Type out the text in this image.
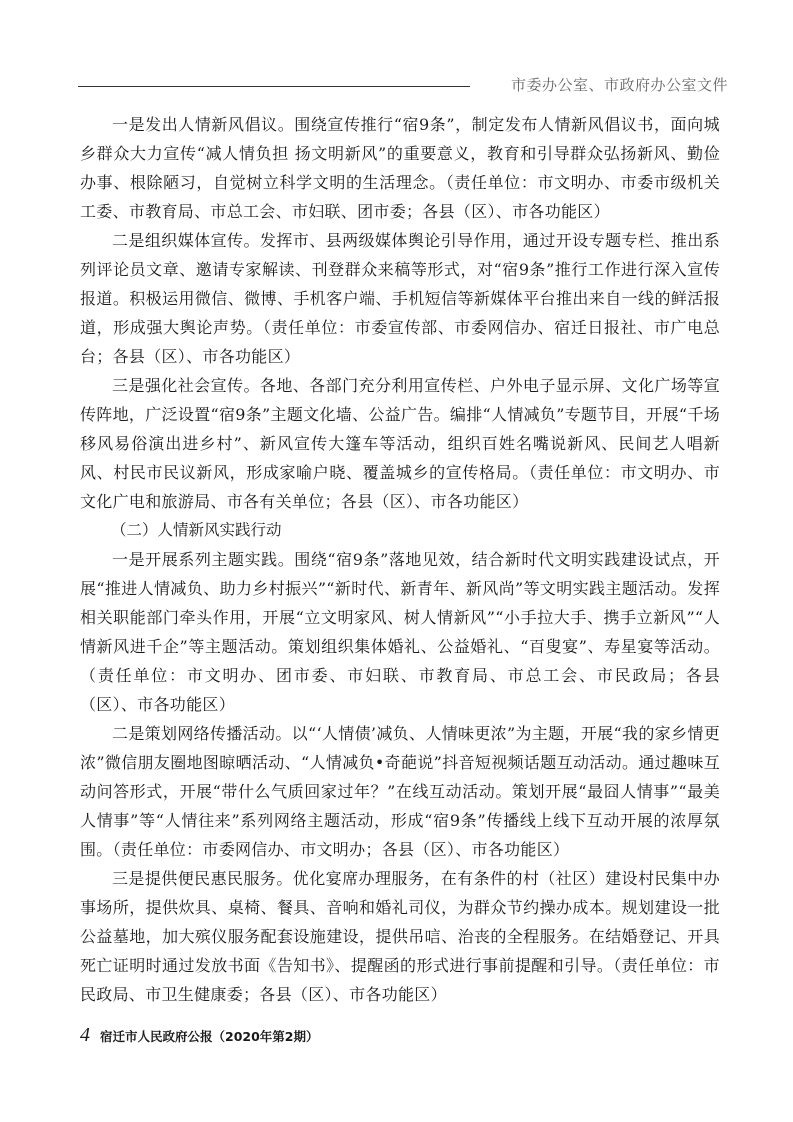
市委办公室、市政府办公室文件

一是发出人情新风倡议。围绕宣传推行“宿9条”，制定发布人情新风倡议书，面向城乡群众大力宣传“减人情负担 扬文明新风”的重要意义，教育和引导群众弘扬新风、勤俭办事、根除陋习，自觉树立科学文明的生活理念。（责任单位：市文明办、市委市级机关工委、市教育局、市总工会、市妇联、团市委；各县（区）、市各功能区）

二是组织媒体宣传。发挥市、县两级媒体舆论引导作用，通过开设专题专栏、推出系列评论员文章、邀请专家解读、刊登群众来稿等形式，对“宿9条”推行工作进行深入宣传报道。积极运用微信、微博、手机客户端、手机短信等新媒体平台推出来自一线的鲜活报道，形成强大舆论声势。（责任单位：市委宣传部、市委网信办、宿迁日报社、市广电总台；各县（区）、市各功能区）

三是强化社会宣传。各地、各部门充分利用宣传栏、户外电子显示屏、文化广场等宣传阵地，广泛设置“宿9条”主题文化墙、公益广告。编排“人情减负”专题节目，开展“千场移风易俗演出进乡村”、新风宣传大篷车等活动，组织百姓名嘴说新风、民间艺人唱新风、村民市民议新风，形成家喻户晓、覆盖城乡的宣传格局。（责任单位：市文明办、市文化广电和旅游局、市各有关单位；各县（区）、市各功能区）

（二）人情新风实践行动

一是开展系列主题实践。围绕“宿9条”落地见效，结合新时代文明实践建设试点，开展“推进人情减负、助力乡村振兴”“新时代、新青年、新风尚”等文明实践主题活动。发挥相关职能部门牵头作用，开展“立文明家风、树人情新风”“小手拉大手、携手立新风”“人情新风进千企”等主题活动。策划组织集体婚礼、公益婚礼、“百叟宴”、寿星宴等活动。（责任单位：市文明办、团市委、市妇联、市教育局、市总工会、市民政局；各县（区）、市各功能区）

二是策划网络传播活动。以“‘人情债’减负、人情味更浓”为主题，开展“我的家乡情更浓”微信朋友圈地图晾晒活动、“人情减负•奇葩说”抖音短视频话题互动活动。通过趣味互动问答形式，开展“带什么气质回家过年？”在线互动活动。策划开展“最囧人情事”“最美人情事”等“人情往来”系列网络主题活动，形成“宿9条”传播线上线下互动开展的浓厚氛围。（责任单位：市委网信办、市文明办；各县（区）、市各功能区）

三是提供便民惠民服务。优化宴席办理服务，在有条件的村（社区）建设村民集中办事场所，提供炊具、桌椅、餐具、音响和婚礼司仪，为群众节约操办成本。规划建设一批公益墓地，加大殡仪服务配套设施建设，提供吊唁、治丧的全程服务。在结婚登记、开具死亡证明时通过发放书面《告知书》、提醒函的形式进行事前提醒和引导。（责任单位：市民政局、市卫生健康委；各县（区）、市各功能区）

4 宿迁市人民政府公报（2020年第2期）
